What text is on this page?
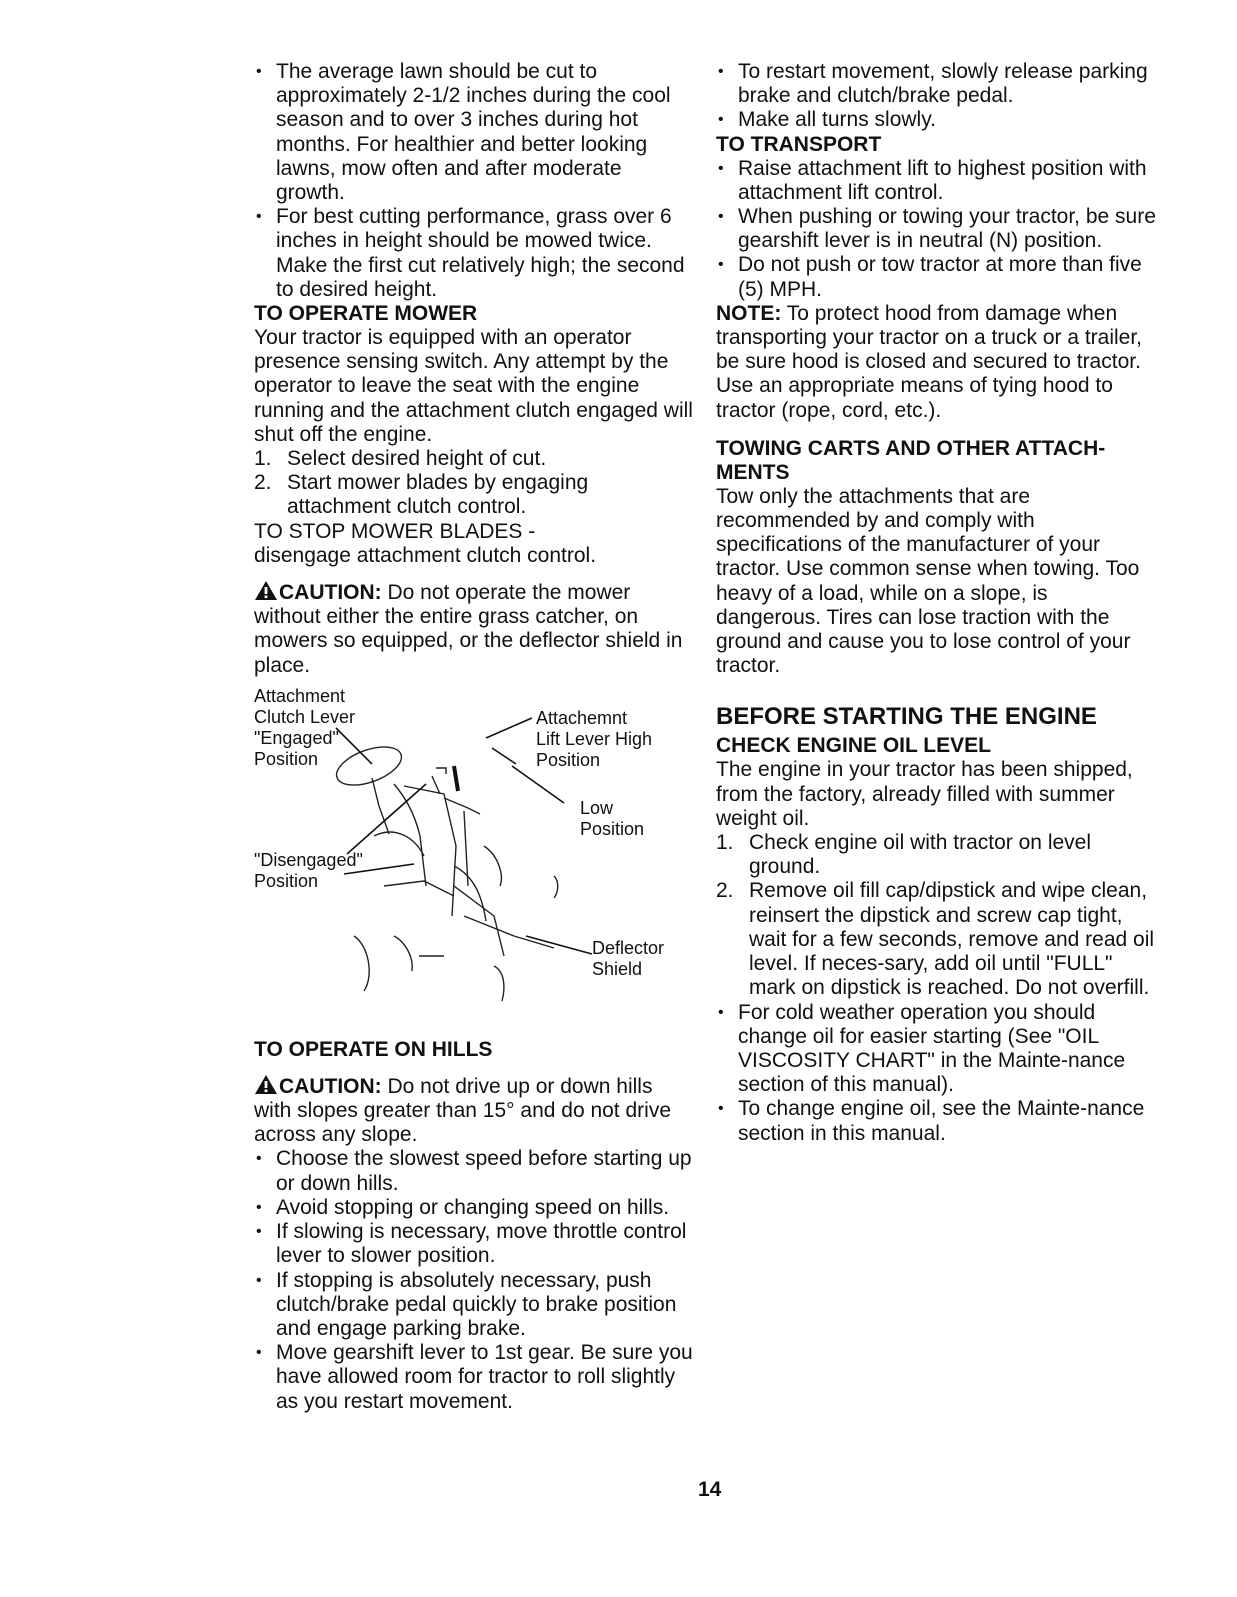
• The average lawn should be cut to approximately 2-1/2 inches during the cool season and to over 3 inches during hot months. For healthier and better looking lawns, mow often and after moderate growth.
• For best cutting performance, grass over 6 inches in height should be mowed twice. Make the first cut relatively high; the second to desired height.
TO OPERATE MOWER

Your tractor is equipped with an operator presence sensing switch. Any attempt by the operator to leave the seat with the engine running and the attachment clutch engaged will shut off the engine.

1. Select desired height of cut.
2. Start mower blades by engaging attachment clutch control.

TO STOP MOWER BLADES -

disengage attachment clutch control.

CAUTION: Do not operate the mower without either the entire grass catcher, on mowers so equipped, or the deflector shield in place.

Attachment
Clutch Lever
"Engaged"
Position
Attachemnt
Lift Lever High
Position
Low
Position
"Disengaged"
Position
Deflector
Shield
TO OPERATE ON HILLS

CAUTION: Do not drive up or down hills with slopes greater than 15° and do not drive across any slope.

• Choose the slowest speed before starting up or down hills.
• Avoid stopping or changing speed on hills.
• If slowing is necessary, move throttle control lever to slower position.
• If stopping is absolutely necessary, push clutch/brake pedal quickly to brake position and engage parking brake.
• Move gearshift lever to 1st gear. Be sure you have allowed room for tractor to roll slightly as you restart movement.
• To restart movement, slowly release parking brake and clutch/brake pedal.
• Make all turns slowly.
TO TRANSPORT
• Raise attachment lift to highest position with attachment lift control.
• When pushing or towing your tractor, be sure gearshift lever is in neutral (N) position.
• Do not push or tow tractor at more than five (5) MPH.

NOTE: To protect hood from damage when transporting your tractor on a truck or a trailer, be sure hood is closed and secured to tractor. Use an appropriate means of tying hood to tractor (rope, cord, etc.).

TOWING CARTS AND OTHER ATTACH-MENTS

Tow only the attachments that are recommended by and comply with specifications of the manufacturer of your tractor. Use common sense when towing. Too heavy of a load, while on a slope, is dangerous. Tires can lose traction with the ground and cause you to lose control of your tractor.

BEFORE STARTING THE ENGINE
CHECK ENGINE OIL LEVEL

The engine in your tractor has been shipped, from the factory, already filled with summer weight oil.

1. Check engine oil with tractor on level ground.
2. Remove oil fill cap/dipstick and wipe clean, reinsert the dipstick and screw cap tight, wait for a few seconds, remove and read oil level. If neces-sary, add oil until "FULL" mark on dipstick is reached. Do not overfill.
• For cold weather operation you should change oil for easier starting (See "OIL VISCOSITY CHART" in the Mainte-nance section of this manual).
• To change engine oil, see the Mainte-nance section in this manual.
14
